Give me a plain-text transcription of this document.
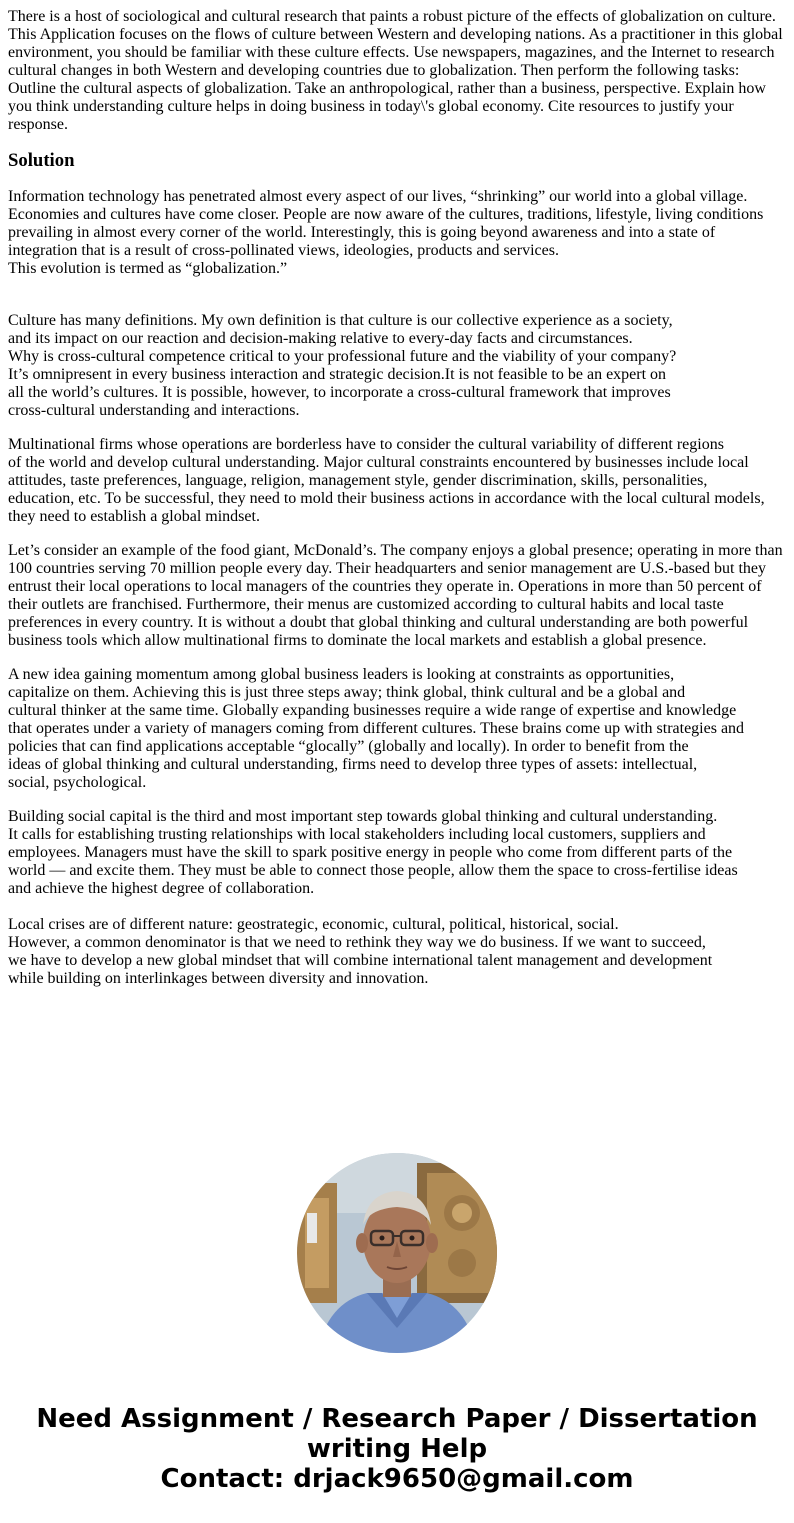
There is a host of sociological and cultural research that paints a robust picture of the effects of globalization on culture. This Application focuses on the flows of culture between Western and developing nations. As a practitioner in this global environment, you should be familiar with these culture effects. Use newspapers, magazines, and the Internet to research cultural changes in both Western and developing countries due to globalization. Then perform the following tasks: Outline the cultural aspects of globalization. Take an anthropological, rather than a business, perspective. Explain how you think understanding culture helps in doing business in today\'s global economy. Cite resources to justify your response.

Solution

Information technology has penetrated almost every aspect of our lives, “shrinking” our world into a global village.
Economies and cultures have come closer. People are now aware of the cultures, traditions, lifestyle, living conditions
prevailing in almost every corner of the world. Interestingly, this is going beyond awareness and into a state of
integration that is a result of cross-pollinated views, ideologies, products and services.
This evolution is termed as “globalization.”

Culture has many definitions. My own definition is that culture is our collective experience as a society,
and its impact on our reaction and decision-making relative to every-day facts and circumstances.
Why is cross-cultural competence critical to your professional future and the viability of your company?
It’s omnipresent in every business interaction and strategic decision.It is not feasible to be an expert on
all the world’s cultures. It is possible, however, to incorporate a cross-cultural framework that improves
cross-cultural understanding and interactions.

Multinational firms whose operations are borderless have to consider the cultural variability of different regions
of the world and develop cultural understanding. Major cultural constraints encountered by businesses include local
attitudes, taste preferences, language, religion, management style, gender discrimination, skills, personalities,
education, etc. To be successful, they need to mold their business actions in accordance with the local cultural models,
they need to establish a global mindset.

Let’s consider an example of the food giant, McDonald’s. The company enjoys a global presence; operating in more than
100 countries serving 70 million people every day. Their headquarters and senior management are U.S.-based but they
entrust their local operations to local managers of the countries they operate in. Operations in more than 50 percent of
their outlets are franchised. Furthermore, their menus are customized according to cultural habits and local taste
preferences in every country. It is without a doubt that global thinking and cultural understanding are both powerful
business tools which allow multinational firms to dominate the local markets and establish a global presence.

A new idea gaining momentum among global business leaders is looking at constraints as opportunities,
capitalize on them. Achieving this is just three steps away; think global, think cultural and be a global and
cultural thinker at the same time. Globally expanding businesses require a wide range of expertise and knowledge
that operates under a variety of managers coming from different cultures. These brains come up with strategies and
policies that can find applications acceptable “glocally” (globally and locally). In order to benefit from the
ideas of global thinking and cultural understanding, firms need to develop three types of assets: intellectual,
social, psychological.

Building social capital is the third and most important step towards global thinking and cultural understanding.
It calls for establishing trusting relationships with local stakeholders including local customers, suppliers and
employees. Managers must have the skill to spark positive energy in people who come from different parts of the
world — and excite them. They must be able to connect those people, allow them the space to cross-fertilise ideas
and achieve the highest degree of collaboration.
Local crises are of different nature: geostrategic, economic, cultural, political, historical, social.
However, a common denominator is that we need to rethink they way we do business. If we want to succeed,
we have to develop a new global mindset that will combine international talent management and development
while building on interlinkages between diversity and innovation.

Need Assignment / Research Paper / Dissertation
writing Help
Contact: drjack9650@gmail.com
